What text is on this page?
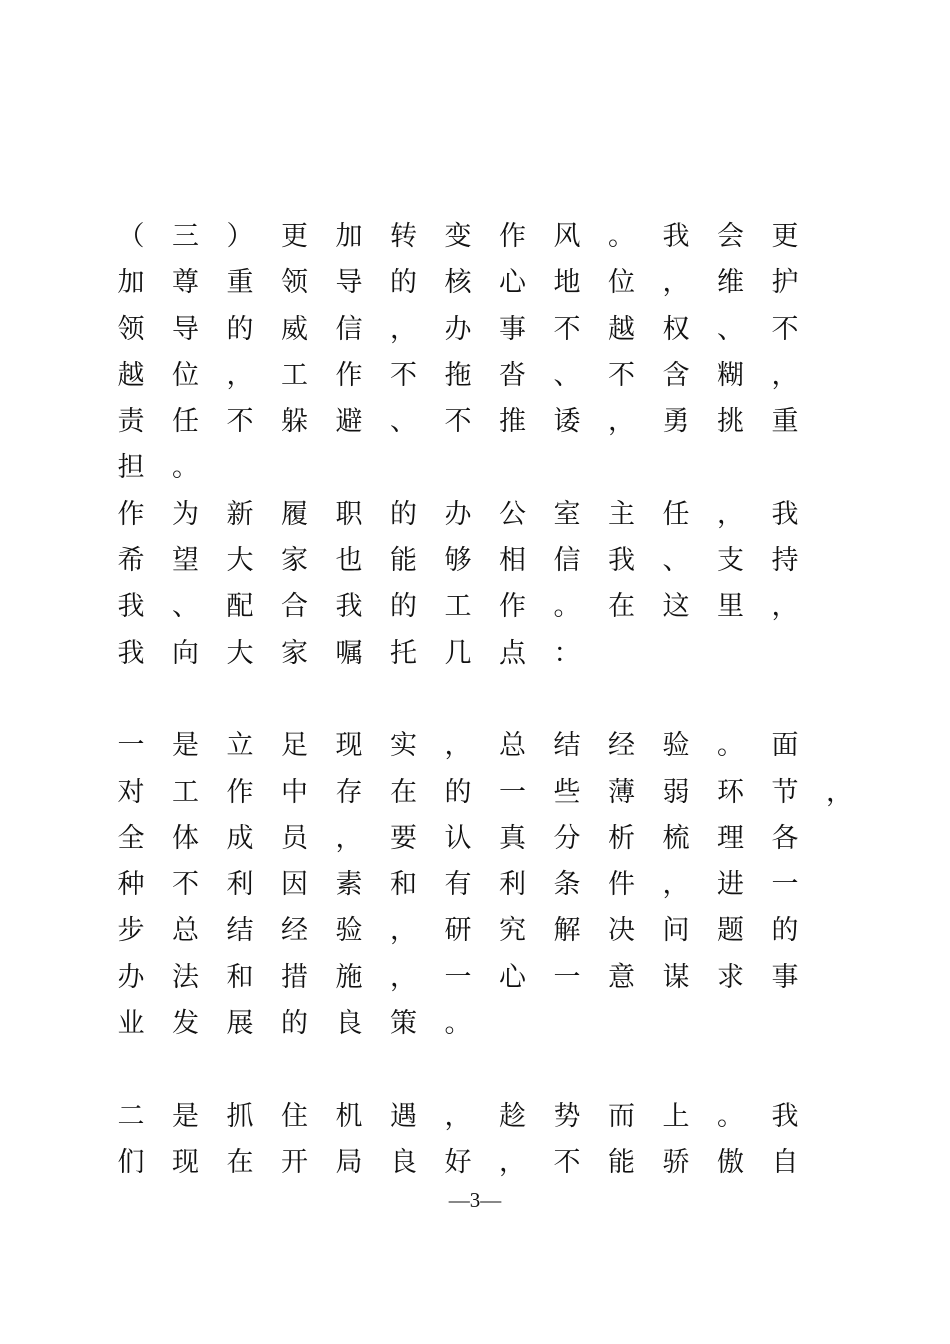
（ 三 ） 更 加 转 变 作 风 。 我 会 更
加 尊 重 领 导 的 核 心 地 位 ， 维 护
领 导 的 威 信 ， 办 事 不 越 权 、 不
越 位 ， 工 作 不 拖 沓 、 不 含 糊 ，
责 任 不 躲 避 、 不 推 诿 ， 勇 挑 重
担 。
作 为 新 履 职 的 办 公 室 主 任 ， 我
希 望 大 家 也 能 够 相 信 我 、 支 持
我 、 配 合 我 的 工 作 。 在 这 里 ，
我 向 大 家 嘱 托 几 点 ：
一 是 立 足 现 实 ， 总 结 经 验 。 面
对 工 作 中 存 在 的 一 些 薄 弱 环 节 ，
全 体 成 员 ， 要 认 真 分 析 梳 理 各
种 不 利 因 素 和 有 利 条 件 ， 进 一
步 总 结 经 验 ， 研 究 解 决 问 题 的
办 法 和 措 施 ， 一 心 一 意 谋 求 事
业 发 展 的 良 策 。
二 是 抓 住 机 遇 ， 趁 势 而 上 。 我
们 现 在 开 局 良 好 ， 不 能 骄 傲 自
—3—
